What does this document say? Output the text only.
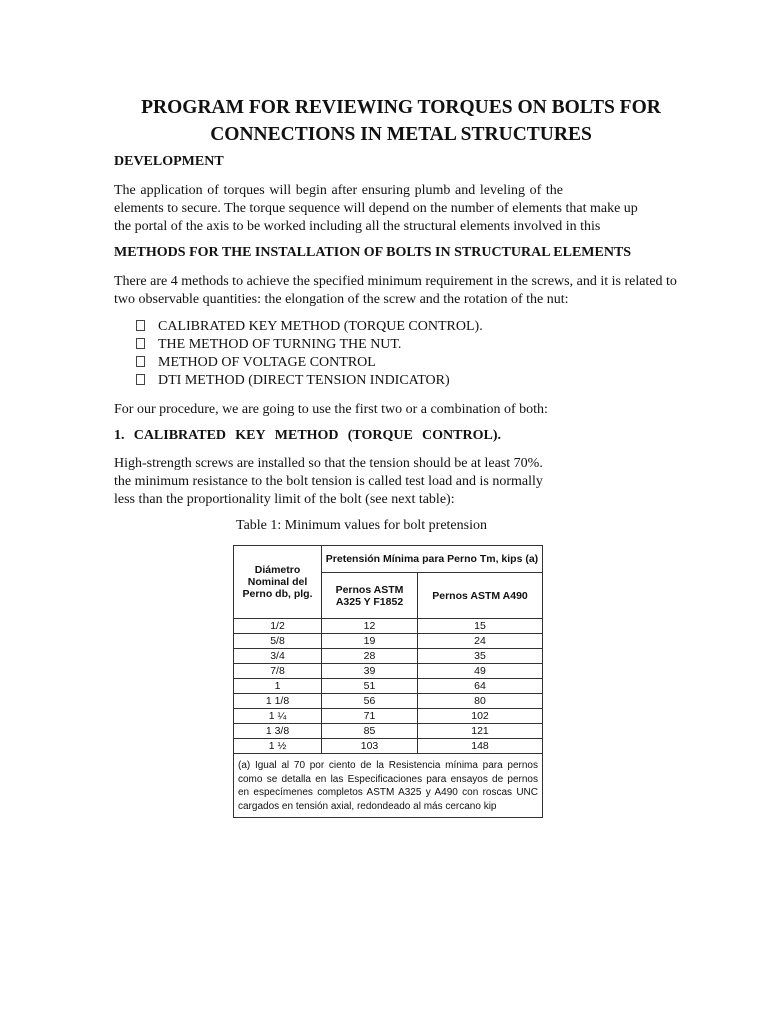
PROGRAM FOR REVIEWING TORQUES ON BOLTS FOR
CONNECTIONS IN METAL STRUCTURES
DEVELOPMENT
The application of torques will begin after ensuring plumb and leveling of the
elements to secure. The torque sequence will depend on the number of elements that make up
the portal of the axis to be worked including all the structural elements involved in this
METHODS FOR THE INSTALLATION OF BOLTS IN STRUCTURAL ELEMENTS
There are 4 methods to achieve the specified minimum requirement in the screws, and it is related to
two observable quantities: the elongation of the screw and the rotation of the nut:
CALIBRATED KEY METHOD (TORQUE CONTROL).
THE METHOD OF TURNING THE NUT.
METHOD OF VOLTAGE CONTROL
DTI METHOD (DIRECT TENSION INDICATOR)
For our procedure, we are going to use the first two or a combination of both:
1. CALIBRATED KEY METHOD (TORQUE CONTROL).
High-strength screws are installed so that the tension should be at least 70%.
the minimum resistance to the bolt tension is called test load and is normally
less than the proportionality limit of the bolt (see next table):
Table 1: Minimum values for bolt pretension
Diámetro Nominal del Perno db, plg.	Pretensión Mínima para Perno Tm, kips (a)	
	Pernos ASTM A325 Y F1852	Pernos ASTM A490
1/2	12	15
5/8	19	24
3/4	28	35
7/8	39	49
1	51	64
1 1/8	56	80
1 ¼	71	102
1 3/8	85	121
1 ½	103	148
(a) Igual al 70 por ciento de la Resistencia mínima para pernos como se detalla en las Especificaciones para ensayos de pernos en especímenes completos ASTM A325 y A490 con roscas UNC cargados en tensión axial, redondeado al más cercano kip
